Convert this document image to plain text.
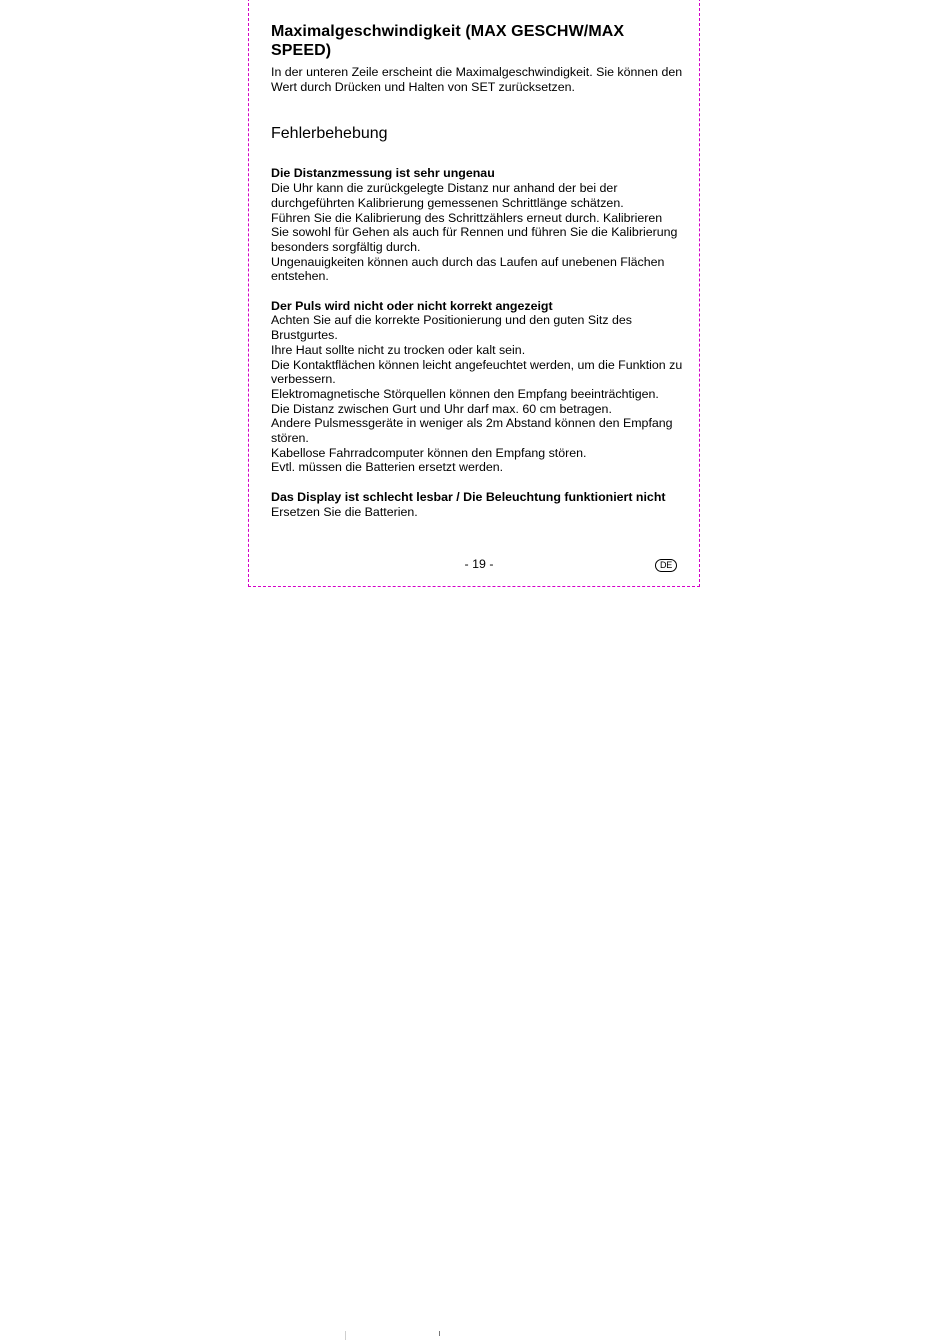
Maximalgeschwindigkeit (MAX GESCHW/MAX SPEED)

In der unteren Zeile erscheint die Maximalgeschwindigkeit. Sie können den Wert durch Drücken und Halten von SET zurücksetzen.

Fehlerbehebung
Die Distanzmessung ist sehr ungenau

Die Uhr kann die zurückgelegte Distanz nur anhand der bei der durchgeführten Kalibrierung gemessenen Schrittlänge schätzen.

Führen Sie die Kalibrierung des Schrittzählers erneut durch. Kalibrieren Sie sowohl für Gehen als auch für Rennen und führen Sie die Kalibrierung besonders sorgfältig durch.

Ungenauigkeiten können auch durch das Laufen auf unebenen Flächen entstehen.

Der Puls wird nicht oder nicht korrekt angezeigt

Achten Sie auf die korrekte Positionierung und den guten Sitz des Brustgurtes.

Ihre Haut sollte nicht zu trocken oder kalt sein.

Die Kontaktflächen können leicht angefeuchtet werden, um die Funktion zu verbessern.

Elektromagnetische Störquellen können den Empfang beeinträchtigen.

Die Distanz zwischen Gurt und Uhr darf max. 60 cm betragen.

Andere Pulsmessgeräte in weniger als 2m Abstand können den Empfang stören.

Kabellose Fahrradcomputer können den Empfang stören.

Evtl. müssen die Batterien ersetzt werden.

Das Display ist schlecht lesbar / Die Beleuchtung funktioniert nicht

Ersetzen Sie die Batterien.

- 19 -	DE
